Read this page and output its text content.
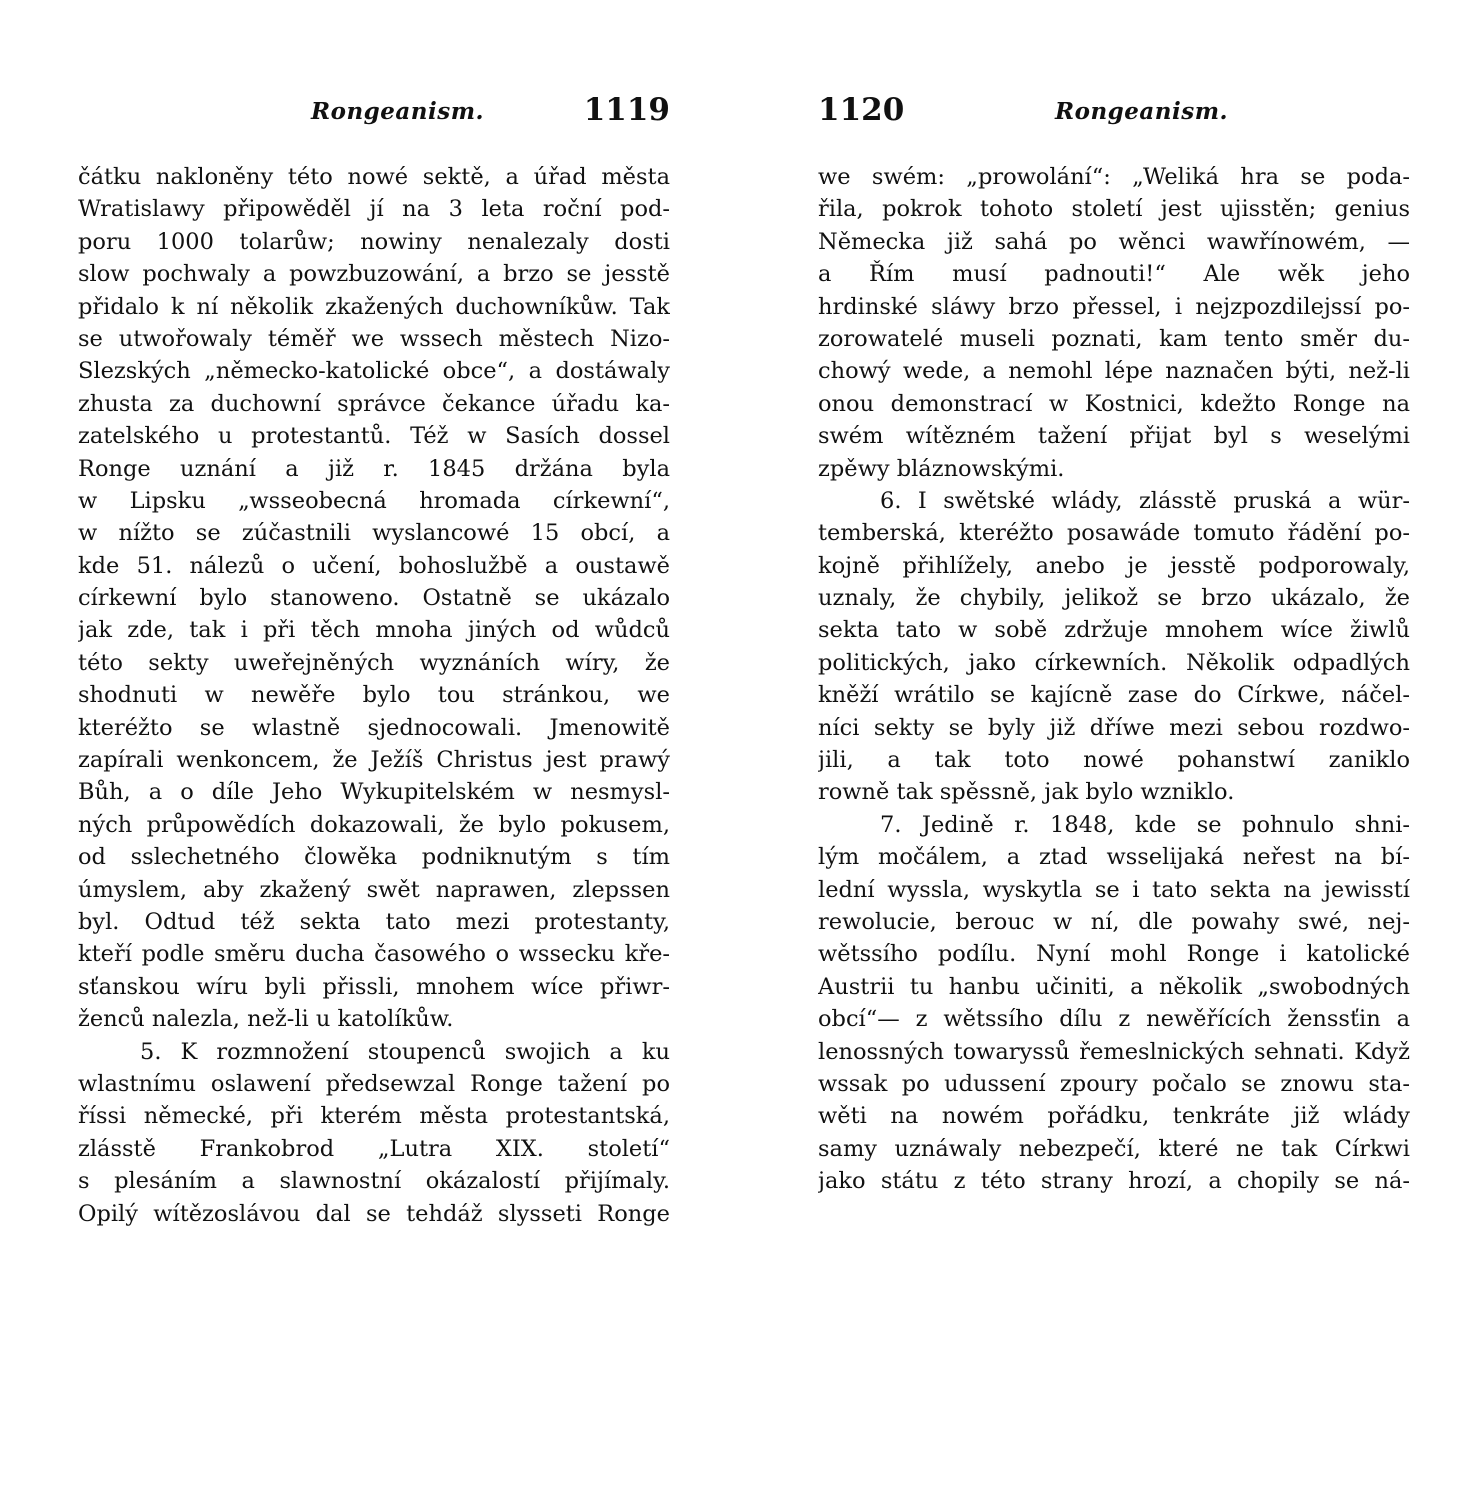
Rongeanism.	1119
čátku nakloněny této nowé sektě, a úřad města
Wratislawy připowěděl jí na 3 leta roční pod-
poru 1000 tolarůw; nowiny nenalezaly dosti
slow pochwaly a powzbuzowání, a brzo se jesstě
přidalo k ní několik zkažených duchowníkůw. Tak
se utwořowaly téměř we wssech městech Nizo-
Slezských „německo-katolické obce“, a dostáwaly
zhusta za duchowní správce čekance úřadu ka-
zatelského u protestantů. Též w Sasích dossel
Ronge uznání a již r. 1845 držána byla
w Lipsku „wsseobecná hromada církewní“,
w nížto se zúčastnili wyslancowé 15 obcí, a
kde 51. nálezů o učení, bohoslužbě a oustawě
církewní bylo stanoweno. Ostatně se ukázalo
jak zde, tak i při těch mnoha jiných od wůdců
této sekty uweřejněných wyznáních wíry, že
shodnuti w newěře bylo tou stránkou, we
kteréžto se wlastně sjednocowali. Jmenowitě
zapírali wenkoncem, že Ježíš Christus jest prawý
Bůh, a o díle Jeho Wykupitelském w nesmysl-
ných průpowědích dokazowali, že bylo pokusem,
od sslechetného člowěka podniknutým s tím
úmyslem, aby zkažený swět naprawen, zlepssen
byl. Odtud též sekta tato mezi protestanty,
kteří podle směru ducha časowého o wssecku kře-
sťanskou wíru byli přissli, mnohem wíce přiwr-
ženců nalezla, než-li u katolíkůw.
5. K rozmnožení stoupenců swojich a ku
wlastnímu oslawení předsewzal Ronge tažení po
říssi německé, při kterém města protestantská,
zlásstě Frankobrod „Lutra XIX. století“
s plesáním a slawnostní okázalostí přijímaly.
Opilý wítězoslávou dal se tehdáž slysseti Ronge
1120	Rongeanism.
we swém: „prowolání“: „Weliká hra se poda-
řila, pokrok tohoto století jest ujisstěn; genius
Německa již sahá po wěnci wawřínowém, —
a Řím musí padnouti!“ Ale wěk jeho
hrdinské sláwy brzo přessel, i nejzpozdilejssí po-
zorowatelé museli poznati, kam tento směr du-
chowý wede, a nemohl lépe naznačen býti, než-li
onou demonstrací w Kostnici, kdežto Ronge na
swém wítězném tažení přijat byl s weselými
zpěwy bláznowskými.
6. I swětské wlády, zlásstě pruská a wür-
temberská, kteréžto posawáde tomuto řádění po-
kojně přihlížely, anebo je jesstě podporowaly,
uznaly, že chybily, jelikož se brzo ukázalo, že
sekta tato w sobě zdržuje mnohem wíce žiwlů
politických, jako církewních. Několik odpadlých
kněží wrátilo se kajícně zase do Církwe, náčel-
níci sekty se byly již dříwe mezi sebou rozdwo-
jili, a tak toto nowé pohanstwí zaniklo
rowně tak spěssně, jak bylo wzniklo.
7. Jedině r. 1848, kde se pohnulo shni-
lým močálem, a ztad wsselijaká neřest na bí-
lední wyssla, wyskytla se i tato sekta na jewisstí
rewolucie, berouc w ní, dle powahy swé, nej-
wětssího podílu. Nyní mohl Ronge i katolické
Austrii tu hanbu učiniti, a několik „swobodných
obcí“— z wětssího dílu z newěřících ženssťin a
lenossných towaryssů řemeslnických sehnati. Když
wssak po udussení zpoury počalo se znowu sta-
wěti na nowém pořádku, tenkráte již wlády
samy uznáwaly nebezpečí, které ne tak Církwi
jako státu z této strany hrozí, a chopily se ná-
